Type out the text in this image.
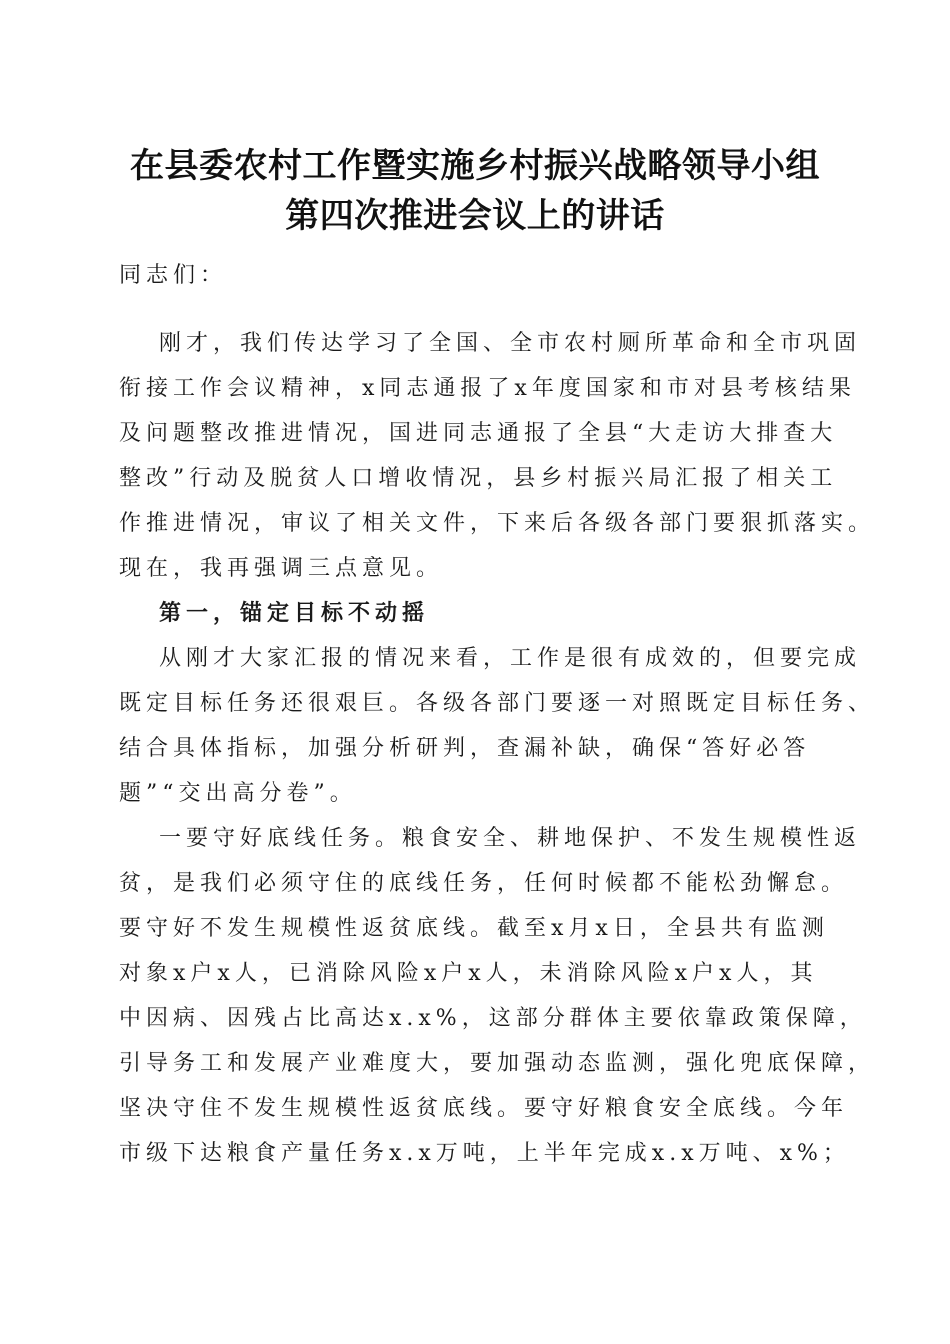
在县委农村工作暨实施乡村振兴战略领导小组
第四次推进会议上的讲话
同志们：
刚才，我们传达学习了全国、全市农村厕所革命和全市巩固
衔接工作会议精神，x同志通报了x年度国家和市对县考核结果
及问题整改推进情况，国进同志通报了全县“大走访大排查大
整改”行动及脱贫人口增收情况，县乡村振兴局汇报了相关工
作推进情况，审议了相关文件，下来后各级各部门要狠抓落实。
现在，我再强调三点意见。
第一，锚定目标不动摇
从刚才大家汇报的情况来看，工作是很有成效的，但要完成
既定目标任务还很艰巨。各级各部门要逐一对照既定目标任务、
结合具体指标，加强分析研判，查漏补缺，确保“答好必答
题”“交出高分卷”。
一要守好底线任务。粮食安全、耕地保护、不发生规模性返
贫，是我们必须守住的底线任务，任何时候都不能松劲懈怠。
要守好不发生规模性返贫底线。截至x月x日，全县共有监测
对象x户x人，已消除风险x户x人，未消除风险x户x人，其
中因病、因残占比高达x.x%，这部分群体主要依靠政策保障，
引导务工和发展产业难度大，要加强动态监测，强化兜底保障，
坚决守住不发生规模性返贫底线。要守好粮食安全底线。今年
市级下达粮食产量任务x.x万吨，上半年完成x.x万吨、x%；
